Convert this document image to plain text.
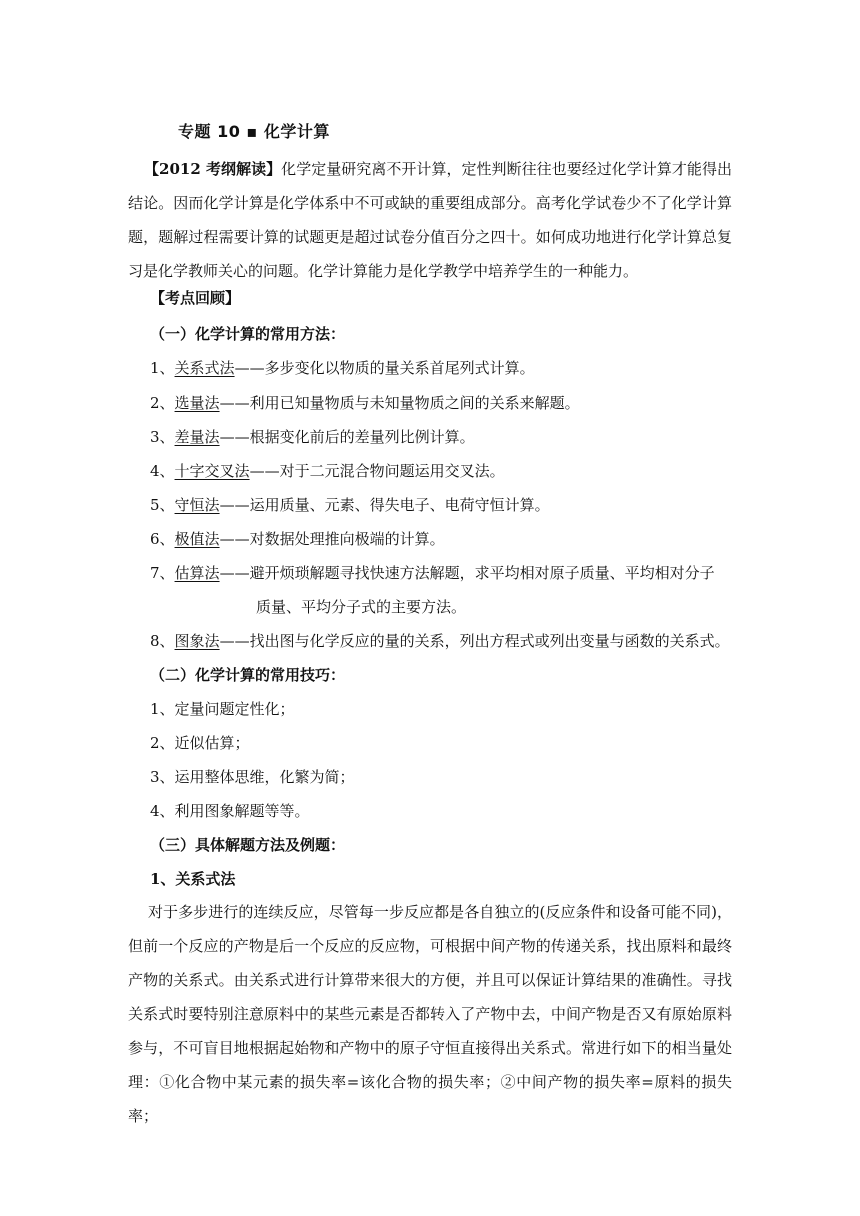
专题 10 ▪ 化学计算

【2012 考纲解读】化学定量研究离不开计算，定性判断往往也要经过化学计算才能得出结论。因而化学计算是化学体系中不可或缺的重要组成部分。高考化学试卷少不了化学计算题，题解过程需要计算的试题更是超过试卷分值百分之四十。如何成功地进行化学计算总复习是化学教师关心的问题。化学计算能力是化学教学中培养学生的一种能力。

【考点回顾】
（一）化学计算的常用方法：
1、关系式法——多步变化以物质的量关系首尾列式计算。
2、选量法——利用已知量物质与未知量物质之间的关系来解题。
3、差量法——根据变化前后的差量列比例计算。
4、十字交叉法——对于二元混合物问题运用交叉法。
5、守恒法——运用质量、元素、得失电子、电荷守恒计算。
6、极值法——对数据处理推向极端的计算。
7、估算法——避开烦琐解题寻找快速方法解题，求平均相对原子质量、平均相对分子
质量、平均分子式的主要方法。
8、图象法——找出图与化学反应的量的关系，列出方程式或列出变量与函数的关系式。
（二）化学计算的常用技巧：
1、定量问题定性化；
2、近似估算；
3、运用整体思维，化繁为简；
4、利用图象解题等等。
（三）具体解题方法及例题：
1、关系式法

对于多步进行的连续反应，尽管每一步反应都是各自独立的(反应条件和设备可能不同)，但前一个反应的产物是后一个反应的反应物，可根据中间产物的传递关系，找出原料和最终产物的关系式。由关系式进行计算带来很大的方便，并且可以保证计算结果的准确性。寻找关系式时要特别注意原料中的某些元素是否都转入了产物中去，中间产物是否又有原始原料参与，不可盲目地根据起始物和产物中的原子守恒直接得出关系式。常进行如下的相当量处理：①化合物中某元素的损失率=该化合物的损失率；②中间产物的损失率=原料的损失率；
